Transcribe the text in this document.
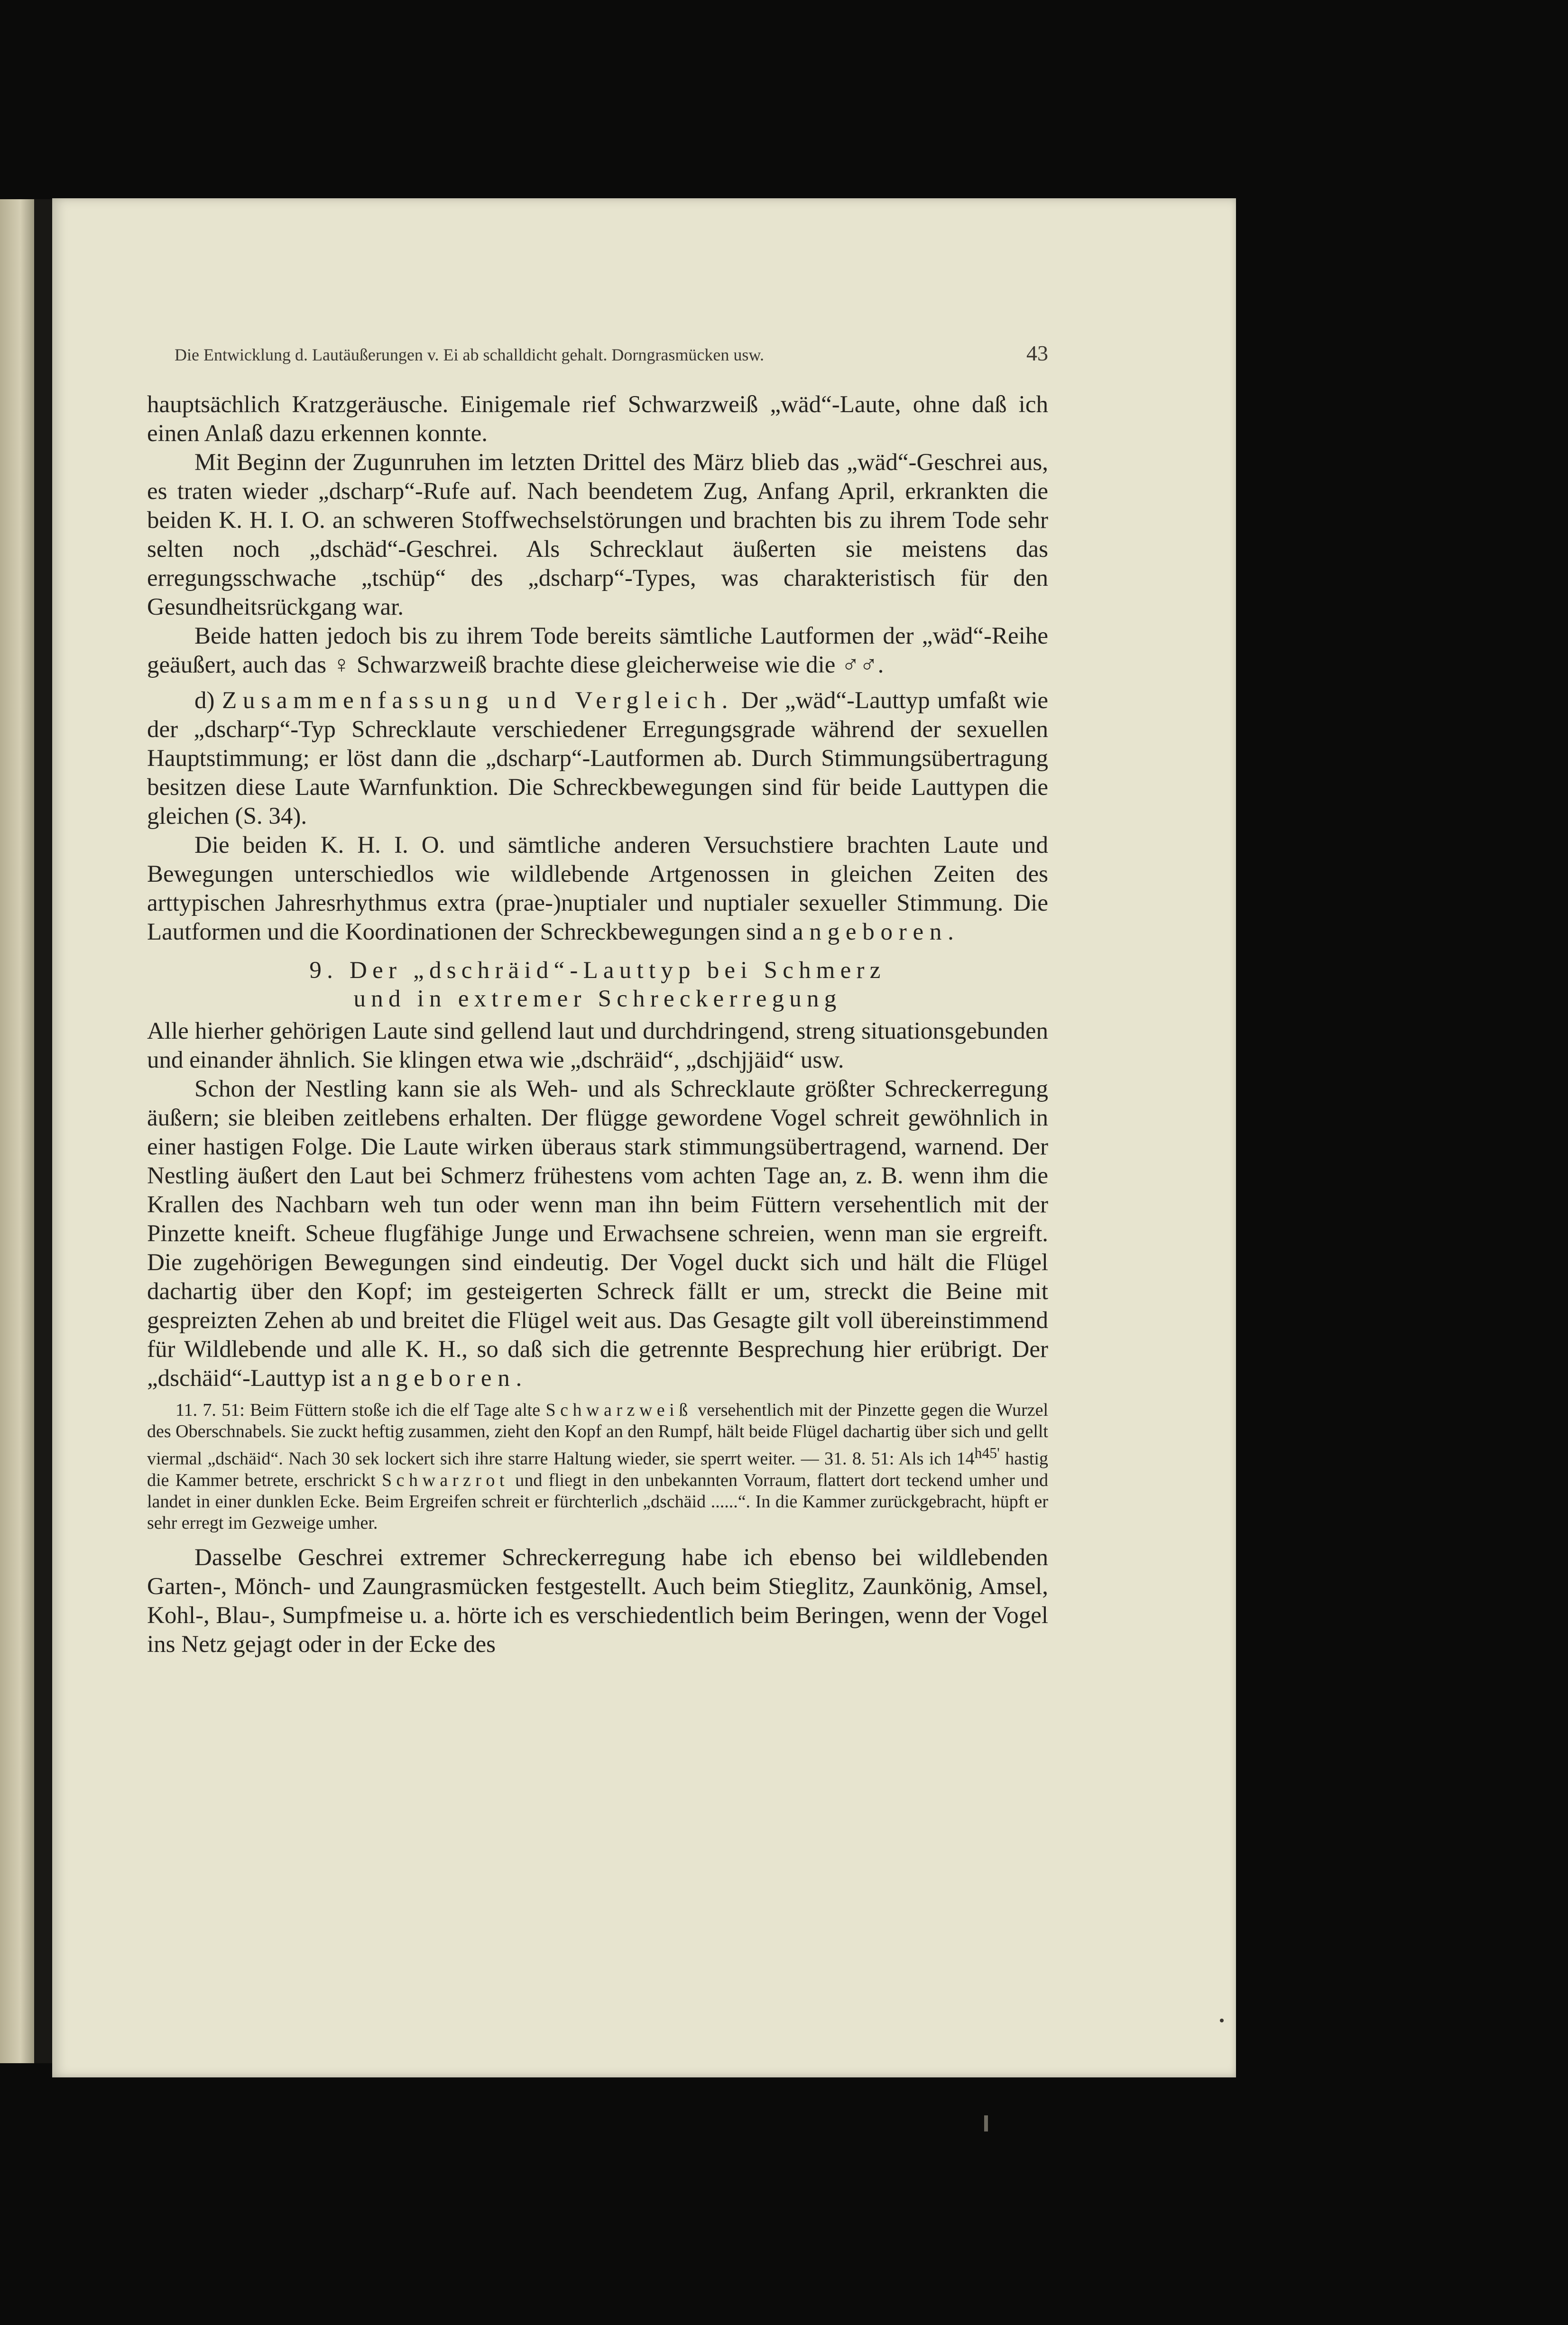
Die Entwicklung d. Lautäußerungen v. Ei ab schalldicht gehalt. Dorngrasmücken usw.	43

hauptsächlich Kratzgeräusche. Einigemale rief Schwarzweiß „wäd“-Laute, ohne daß ich einen Anlaß dazu erkennen konnte.

Mit Beginn der Zugunruhen im letzten Drittel des März blieb das „wäd“-Geschrei aus, es traten wieder „dscharp“-Rufe auf. Nach beendetem Zug, Anfang April, erkrankten die beiden K. H. I. O. an schweren Stoffwechselstörungen und brachten bis zu ihrem Tode sehr selten noch „dschäd“-Geschrei. Als Schrecklaut äußerten sie meistens das erregungsschwache „tschüp“ des „dscharp“-Types, was charakteristisch für den Gesundheitsrückgang war.

Beide hatten jedoch bis zu ihrem Tode bereits sämtliche Lautformen der „wäd“-Reihe geäußert, auch das ♀ Schwarzweiß brachte diese gleicherweise wie die ♂♂.

d) Zusammenfassung und Vergleich. Der „wäd“-Lauttyp umfaßt wie der „dscharp“-Typ Schrecklaute verschiedener Erregungsgrade während der sexuellen Hauptstimmung; er löst dann die „dscharp“-Lautformen ab. Durch Stimmungsübertragung besitzen diese Laute Warnfunktion. Die Schreckbewegungen sind für beide Lauttypen die gleichen (S. 34).

Die beiden K. H. I. O. und sämtliche anderen Versuchstiere brachten Laute und Bewegungen unterschiedlos wie wildlebende Artgenossen in gleichen Zeiten des arttypischen Jahresrhythmus extra (prae-)nuptialer und nuptialer sexueller Stimmung. Die Lautformen und die Koordinationen der Schreckbewegungen sind angeboren.

9. Der „dschräid“-Lauttyp bei Schmerz
und in extremer Schreckerregung

Alle hierher gehörigen Laute sind gellend laut und durchdringend, streng situationsgebunden und einander ähnlich. Sie klingen etwa wie „dschräid“, „dschjjäid“ usw.

Schon der Nestling kann sie als Weh- und als Schrecklaute größter Schreckerregung äußern; sie bleiben zeitlebens erhalten. Der flügge gewordene Vogel schreit gewöhnlich in einer hastigen Folge. Die Laute wirken überaus stark stimmungsübertragend, warnend. Der Nestling äußert den Laut bei Schmerz frühestens vom achten Tage an, z. B. wenn ihm die Krallen des Nachbarn weh tun oder wenn man ihn beim Füttern versehentlich mit der Pinzette kneift. Scheue flugfähige Junge und Erwachsene schreien, wenn man sie ergreift. Die zugehörigen Bewegungen sind eindeutig. Der Vogel duckt sich und hält die Flügel dachartig über den Kopf; im gesteigerten Schreck fällt er um, streckt die Beine mit gespreizten Zehen ab und breitet die Flügel weit aus. Das Gesagte gilt voll übereinstimmend für Wildlebende und alle K. H., so daß sich die getrennte Besprechung hier erübrigt. Der „dschäid“-Lauttyp ist angeboren.

11. 7. 51: Beim Füttern stoße ich die elf Tage alte Schwarzweiß versehentlich mit der Pinzette gegen die Wurzel des Oberschnabels. Sie zuckt heftig zusammen, zieht den Kopf an den Rumpf, hält beide Flügel dachartig über sich und gellt viermal „dschäid“. Nach 30 sek lockert sich ihre starre Haltung wieder, sie sperrt weiter. — 31. 8. 51: Als ich $14^{h45'}$ hastig die Kammer betrete, erschrickt Schwarzrot und fliegt in den unbekannten Vorraum, flattert dort teckend umher und landet in einer dunklen Ecke. Beim Ergreifen schreit er fürchterlich „dschäid ......“. In die Kammer zurückgebracht, hüpft er sehr erregt im Gezweige umher.

Dasselbe Geschrei extremer Schreckerregung habe ich ebenso bei wildlebenden Garten-, Mönch- und Zaungrasmücken festgestellt. Auch beim Stieglitz, Zaunkönig, Amsel, Kohl-, Blau-, Sumpfmeise u. a. hörte ich es verschiedentlich beim Beringen, wenn der Vogel ins Netz gejagt oder in der Ecke des
